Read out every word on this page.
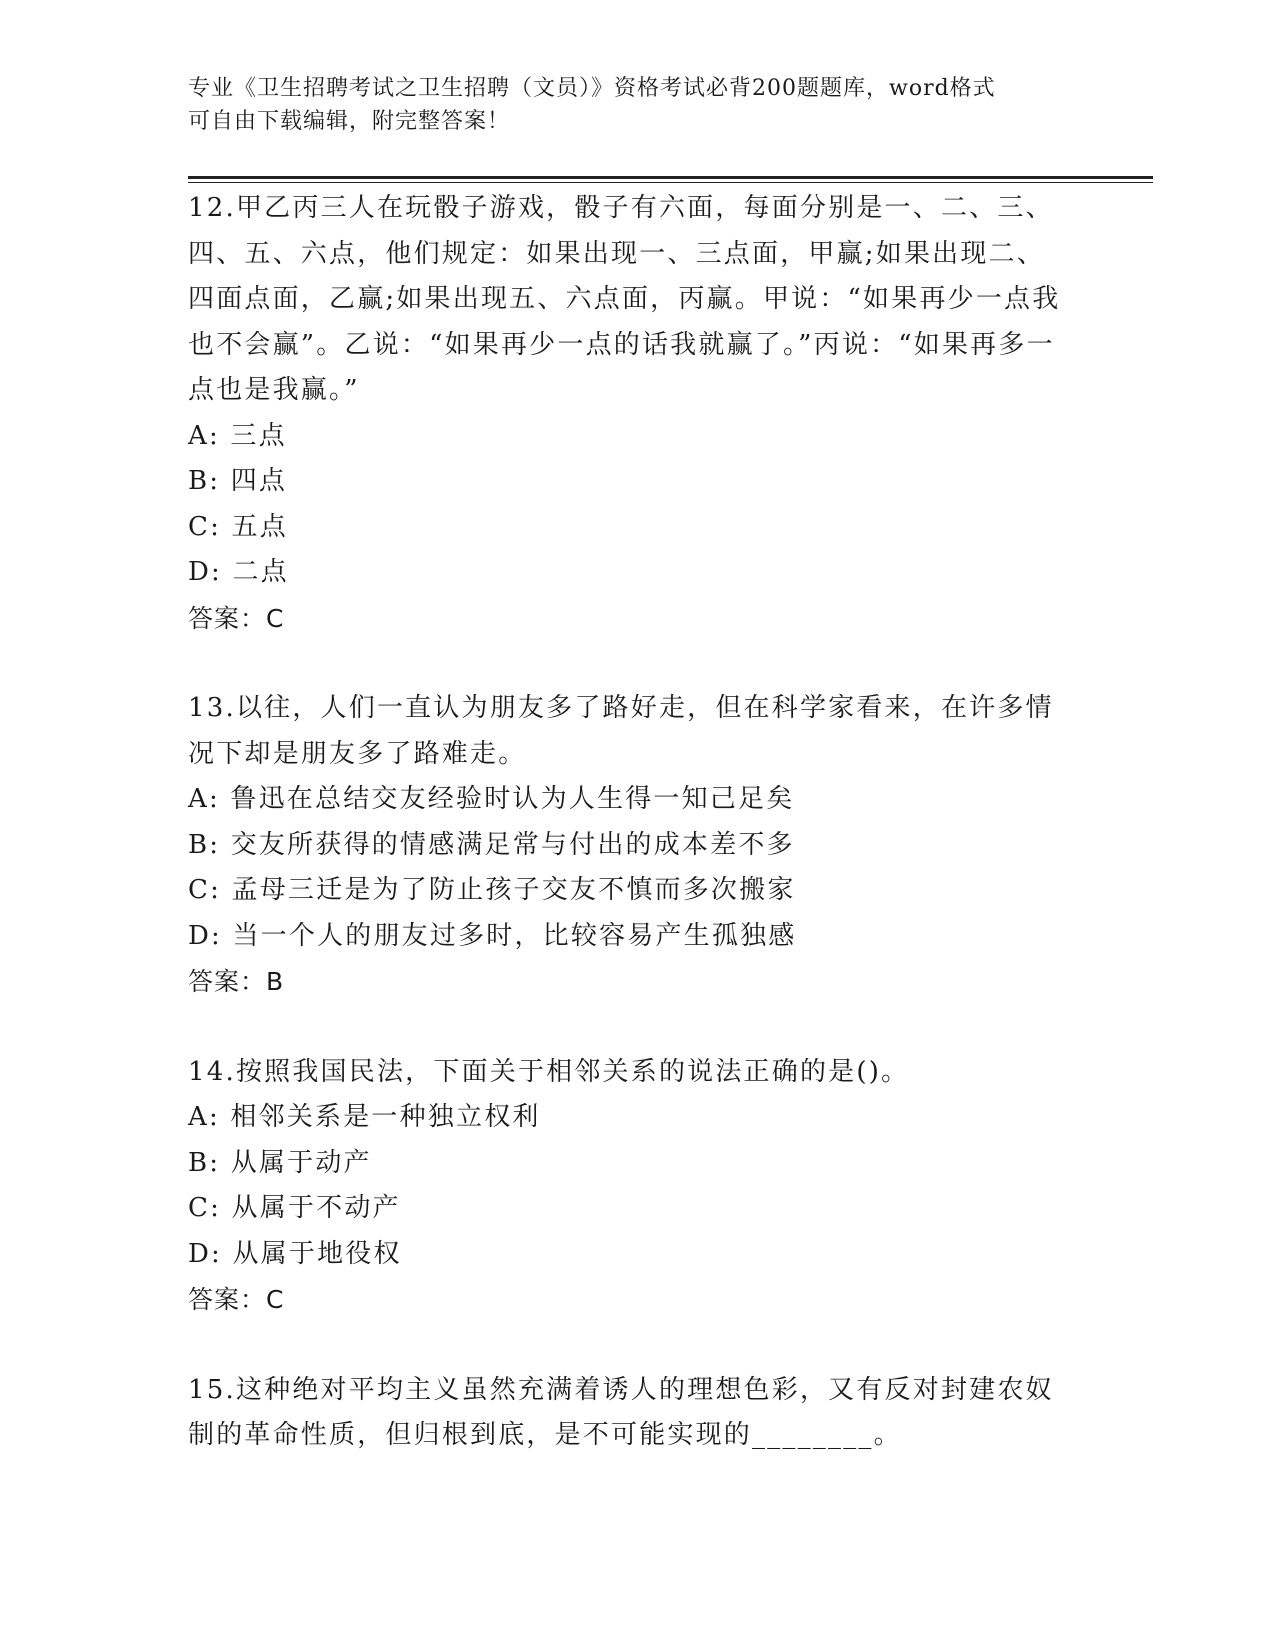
专业《卫生招聘考试之卫生招聘（文员）》资格考试必背200题题库，word格式
可自由下载编辑，附完整答案！

12.甲乙丙三人在玩骰子游戏，骰子有六面，每面分别是一、二、三、四、五、六点，他们规定：如果出现一、三点面，甲赢;如果出现二、四面点面，乙赢;如果出现五、六点面，丙赢。甲说：“如果再少一点我也不会赢”。乙说：“如果再少一点的话我就赢了。”丙说：“如果再多一点也是我赢。”

A: 三点

B: 四点

C: 五点

D: 二点

答案：C

13.以往，人们一直认为朋友多了路好走，但在科学家看来，在许多情况下却是朋友多了路难走。

A: 鲁迅在总结交友经验时认为人生得一知己足矣

B: 交友所获得的情感满足常与付出的成本差不多

C: 孟母三迁是为了防止孩子交友不慎而多次搬家

D: 当一个人的朋友过多时，比较容易产生孤独感

答案：B

14.按照我国民法，下面关于相邻关系的说法正确的是()。

A: 相邻关系是一种独立权利

B: 从属于动产

C: 从属于不动产

D: 从属于地役权

答案：C

15.这种绝对平均主义虽然充满着诱人的理想色彩，又有反对封建农奴制的革命性质，但归根到底，是不可能实现的________。
